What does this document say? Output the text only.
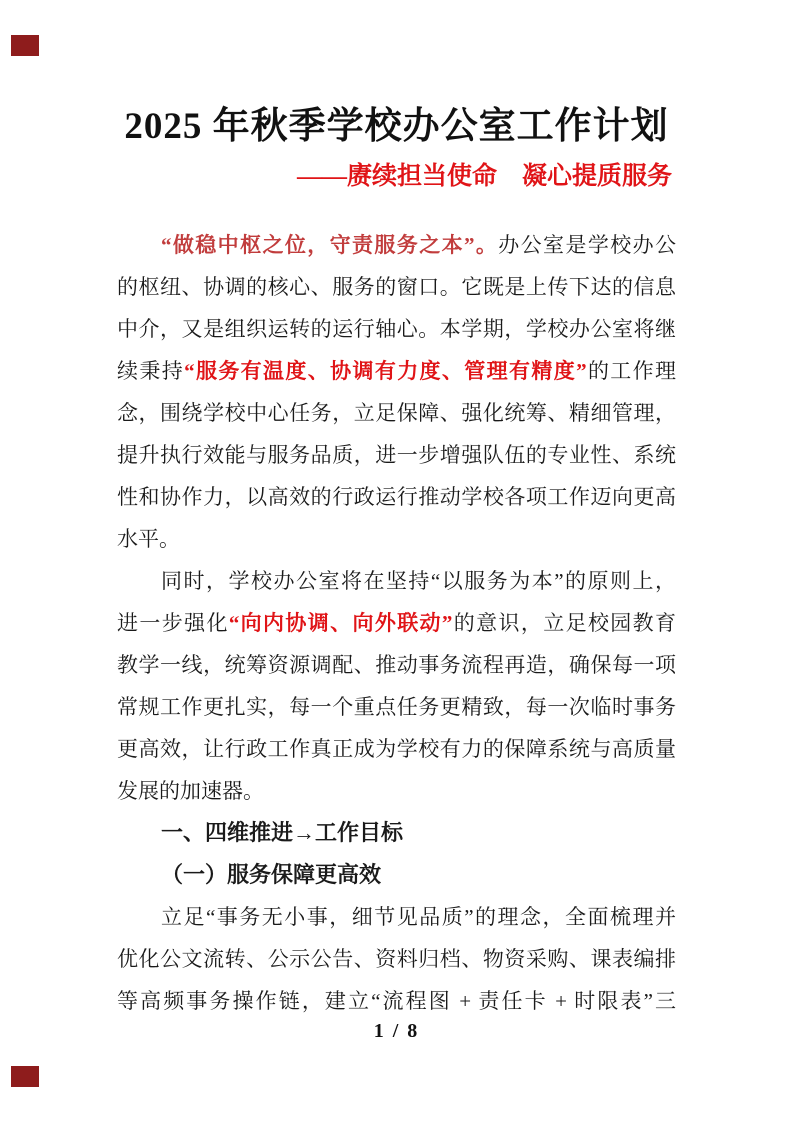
2025 年秋季学校办公室工作计划
——赓续担当使命　凝心提质服务
“做稳中枢之位，守责服务之本”。办公室是学校办公
的枢纽、协调的核心、服务的窗口。它既是上传下达的信息
中介，又是组织运转的运行轴心。本学期，学校办公室将继
续秉持“服务有温度、协调有力度、管理有精度”的工作理
念，围绕学校中心任务，立足保障、强化统筹、精细管理，
提升执行效能与服务品质，进一步增强队伍的专业性、系统
性和协作力，以高效的行政运行推动学校各项工作迈向更高
水平。
同时，学校办公室将在坚持“以服务为本”的原则上，
进一步强化“向内协调、向外联动”的意识，立足校园教育
教学一线，统筹资源调配、推动事务流程再造，确保每一项
常规工作更扎实，每一个重点任务更精致，每一次临时事务
更高效，让行政工作真正成为学校有力的保障系统与高质量
发展的加速器。
一、四维推进→工作目标
（一）服务保障更高效
立足“事务无小事，细节见品质”的理念，全面梳理并
优化公文流转、公示公告、资料归档、物资采购、课表编排
等高频事务操作链，建立“流程图 + 责任卡 + 时限表”三
1 / 8
